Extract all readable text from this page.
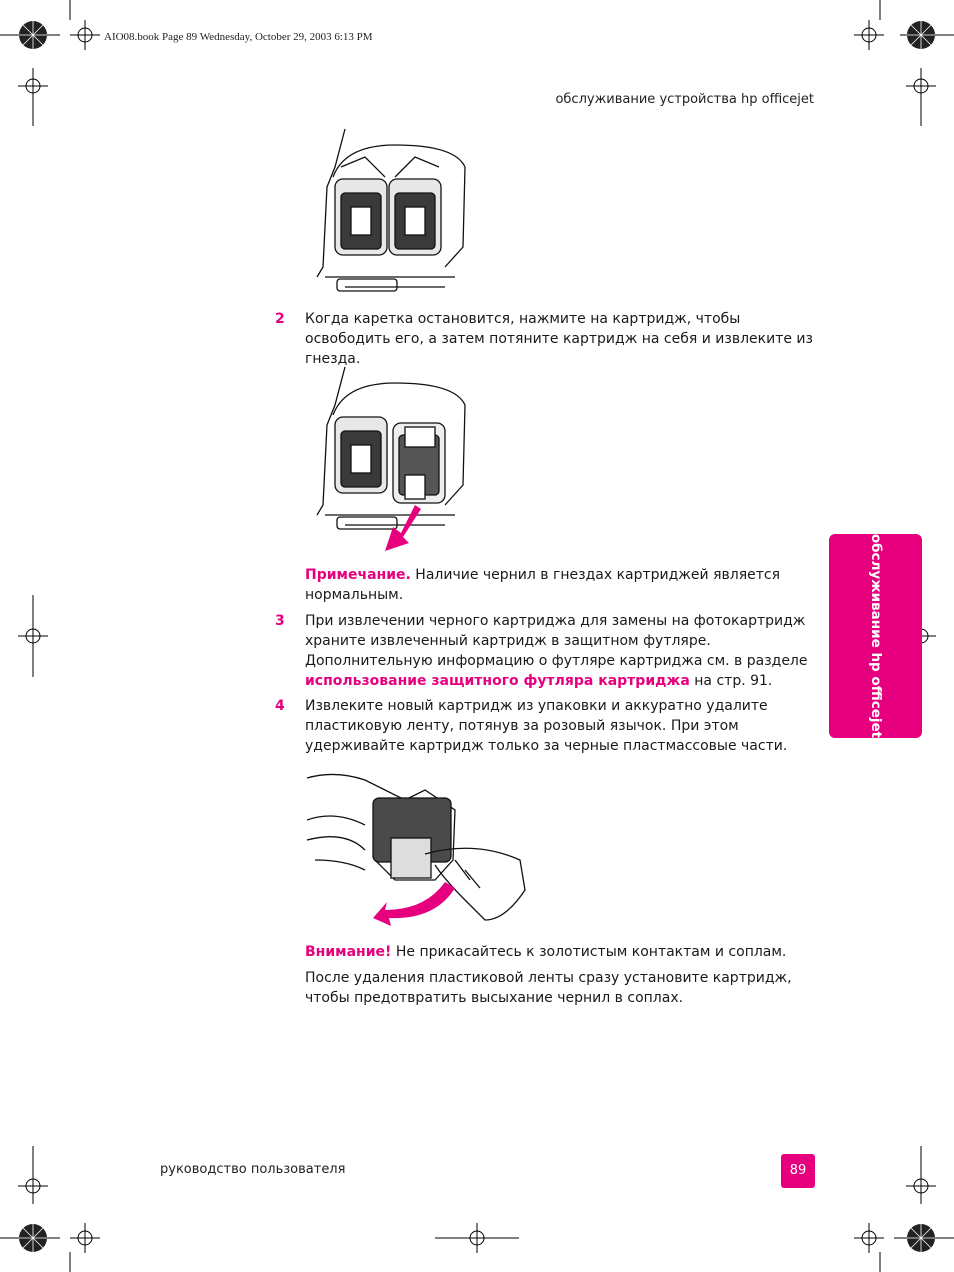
AIO08.book Page 89 Wednesday, October 29, 2003 6:13 PM
обслуживание устройства hp officejet
2 Когда каретка остановится, нажмите на картридж, чтобы освободить его, а затем потяните картридж на себя и извлеките из гнезда.
Примечание. Наличие чернил в гнездах картриджей является нормальным.
3 При извлечении черного картриджа для замены на фотокартридж храните извлеченный картридж в защитном футляре. Дополнительную информацию о футляре картриджа см. в разделе использование защитного футляра картриджа на стр. 91.
4 Извлеките новый картридж из упаковки и аккуратно удалите пластиковую ленту, потянув за розовый язычок. При этом удерживайте картридж только за черные пластмассовые части.
Внимание! Не прикасайтесь к золотистым контактам и соплам.
После удаления пластиковой ленты сразу установите картридж, чтобы предотвратить высыхание чернил в соплах.
обслуживание hp officejet
руководство пользователя	89
